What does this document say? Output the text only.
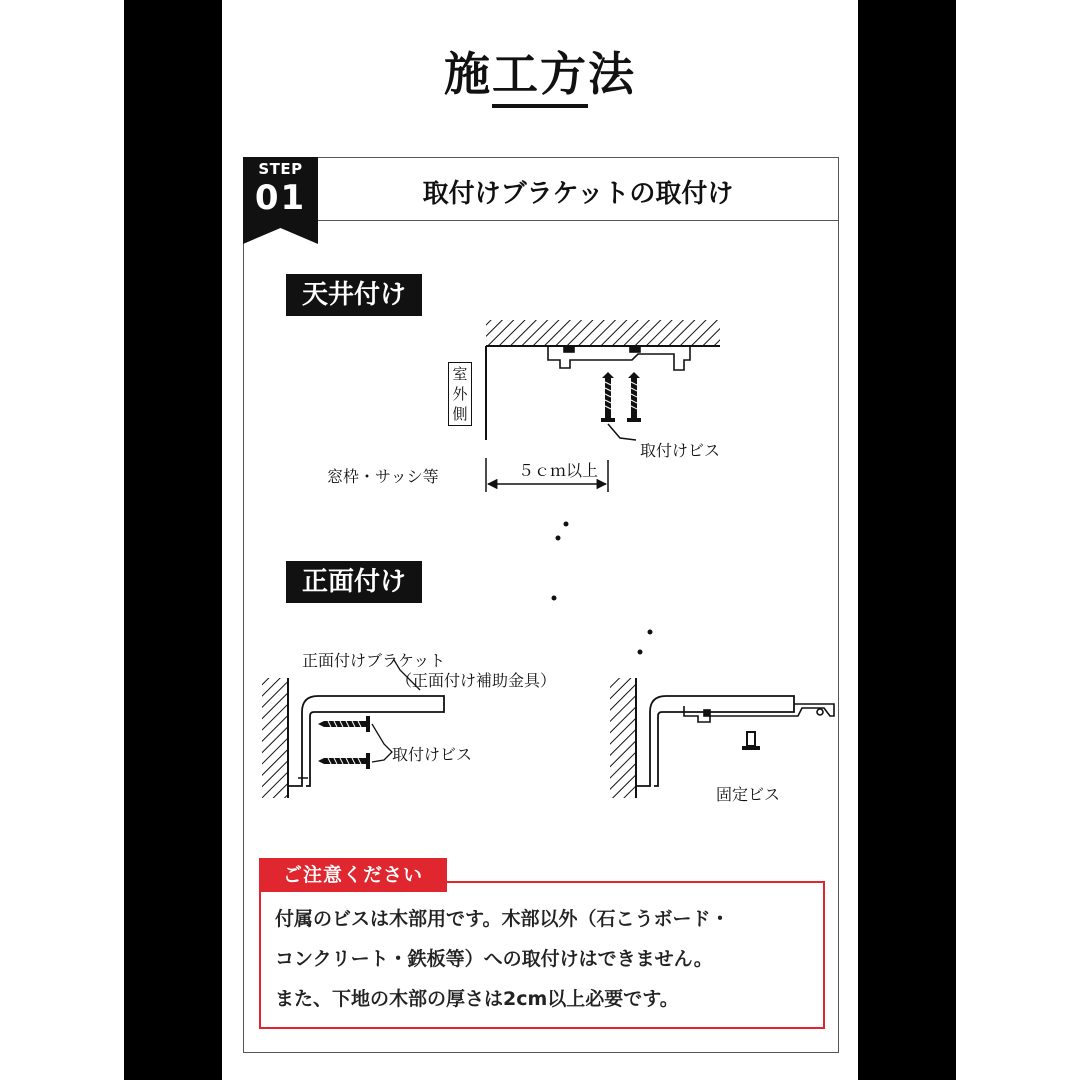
施工方法
STEP
01	取付けブラケットの取付け
天井付け
室
外
側
窓枠・サッシ等	５ｃｍ以上
取付けビス
正面付け
正面付けブラケット
（正面付け補助金具）
取付けビス
固定ビス
付属のビスは木部用です。木部以外（石こうボード・
コンクリート・鉄板等）への取付けはできません。
また、下地の木部の厚さは2cm以上必要です。
ご注意ください
